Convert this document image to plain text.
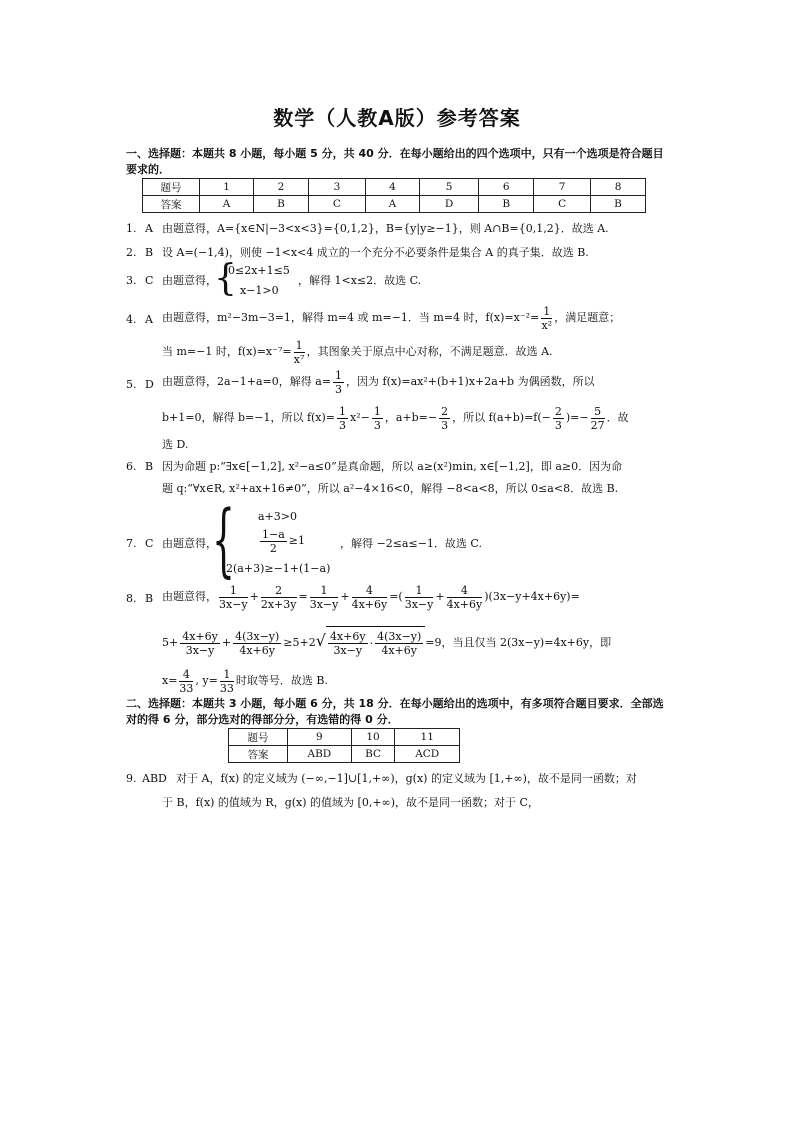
数学（人教A版）参考答案
一、选择题：本题共 8 小题，每小题 5 分，共 40 分．在每小题给出的四个选项中，只有一个选项是符合题目要求的．
题号	1	2	3	4	5	6	7	8
答案	A	B	C	A	D	B	C	B
1. A 由题意得，A={x∈N|−3<x<3}={0,1,2}，B={y|y≥−1}，则 A∩B={0,1,2}．故选 A.
2. B 设 A=(−1,4)，则使 −1<x<4 成立的一个充分不必要条件是集合 A 的真子集．故选 B.
3. C 由题意得，
{
0≤2x+1≤5
x−1>0
，解得 1<x≤2．故选 C.
4. A 由题意得，m²−3m−3=1，解得 m=4 或 m=−1．当 m=4 时，$f(x)=x^{-2}= \frac{1}{\text{x²}}$ ，满足题意；
当 m=−1 时，$f(x)=x^{-7}= \frac{1}{\text{x⁷}}$ ，其图象关于原点中心对称，不满足题意．故选 A.
5. D 由题意得，2a−1+a=0，解得 $a= \frac{1}{3}$ ，因为 f(x)=ax²+(b+1)x+2a+b 为偶函数，所以
b+1=0，解得 b=−1，所以 $f(x)= \frac{1}{3} x^2- \frac{1}{3}$ ，$a+b=- \frac{2}{3}$ ，所以 $f(a+b)=f(- \frac{2}{3}$ )=− $\frac{5}{27}$ ．故
选 D.
6. B 因为命题 p:“∃x∈[−1,2], x²−a≤0”是真命题，所以 a≥(x²)min, x∈[−1,2]，即 a≥0．因为命
题 q:“∀x∈R, x²+ax+16≠0”，所以 a²−4×16<0，解得 −8<a<8，所以 0≤a<8．故选 B.
7. C 由题意得，
{ a+3>0
$\frac{1-a}{2} \ge 1$
2(a+3)≥−1+(1−a)
，解得 −2≤a≤−1．故选 C.
8. B 由题意得， $\frac{1}{3x-y} + \frac{2}{2x+3y} = \frac{1}{3x-y} + \frac{4}{4x+6y}$ =( $\frac{1}{3x-y} + \frac{4}{4x+6y} )(3x-y+4x+6y)=$
$5+ \frac{4x+6y}{3x-y} + \frac{4(3x-y)}{4x+6y} \ge 5+2√ \frac{4x+6y}{3x-y} \cdot \frac{4(3x-y)}{4x+6y} =9$，当且仅当 2(3x−y)=4x+6y，即
$x= \frac{4}{33}$ , $y= \frac{1}{33}$ 时取等号．故选 B.
二、选择题：本题共 3 小题，每小题 6 分，共 18 分．在每小题给出的选项中，有多项符合题目要求．全部选对的得 6 分，部分选对的得部分分，有选错的得 0 分．
题号	9	10	11
答案	ABD	BC	ACD
9. ABD 对于 A，f(x) 的定义域为 (−∞,−1]∪[1,+∞)，g(x) 的定义域为 [1,+∞)，故不是同一函数；对
于 B，f(x) 的值域为 R，g(x) 的值域为 [0,+∞)，故不是同一函数；对于 C，
